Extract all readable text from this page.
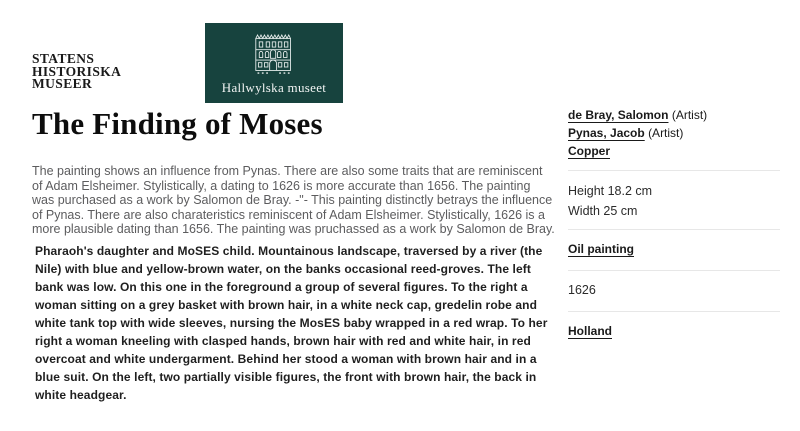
STATENS
HISTORISKA
MUSEER	Hallwylska museet
The Finding of Moses

The painting shows an influence from Pynas. There are also some traits that are reminiscent of Adam Elsheimer. Stylistically, a dating to 1626 is more accurate than 1656. The painting was purchased as a work by Salomon de Bray. -"- This painting distinctly betrays the influence of Pynas. There are also charateristics reminiscent of Adam Elsheimer. Stylistically, 1626 is a more plausible dating than 1656. The painting was pruchassed as a work by Salomon de Bray.

Pharaoh's daughter and MoSES child. Mountainous landscape, traversed by a river (the Nile) with blue and yellow-brown water, on the banks occasional reed-groves. The left bank was low. On this one in the foreground a group of several figures. To the right a woman sitting on a grey basket with brown hair, in a white neck cap, gredelin robe and white tank top with wide sleeves, nursing the MosES baby wrapped in a red wrap. To her right a woman kneeling with clasped hands, brown hair with red and white hair, in red overcoat and white undergarment. Behind her stood a woman with brown hair and in a blue suit. On the left, two partially visible figures, the front with brown hair, the back in white headgear.

de Bray, Salomon (Artist)
Pynas, Jacob (Artist)
Copper
Height 18.2 cm
Width 25 cm
Oil painting
1626
Holland
